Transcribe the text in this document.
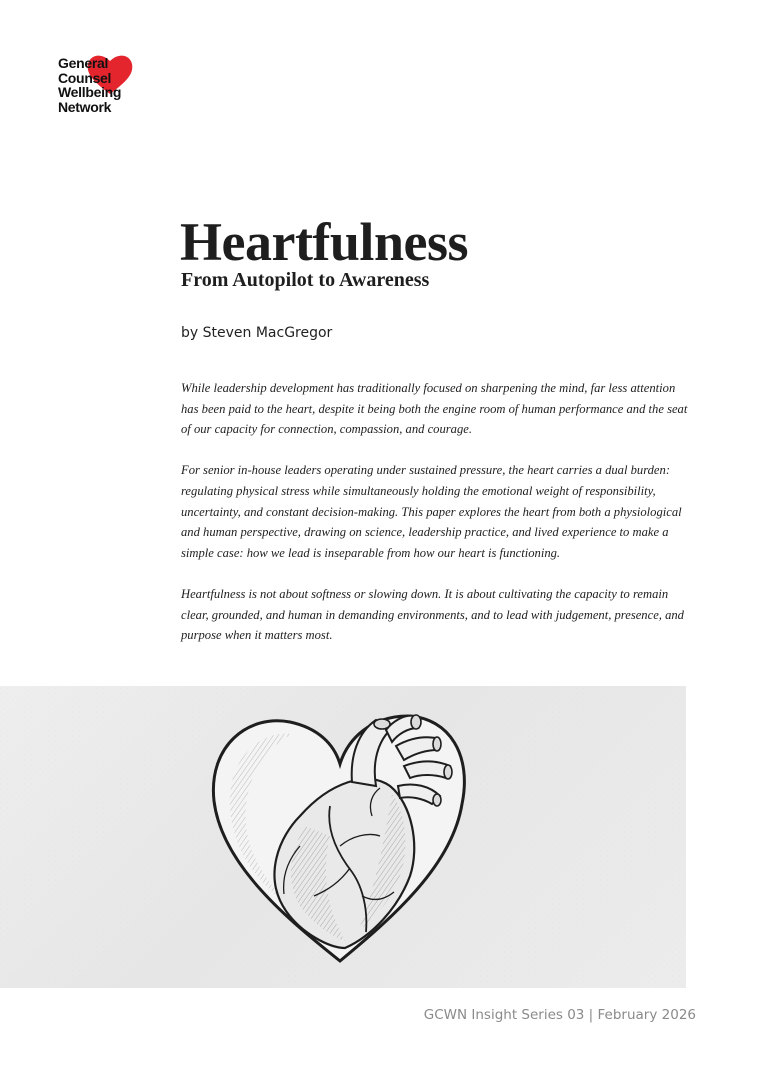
General
Counsel
Wellbeing
Network
Heartfulness
From Autopilot to Awareness

by Steven MacGregor

While leadership development has traditionally focused on sharpening the mind, far less attention has been paid to the heart, despite it being both the engine room of human performance and the seat of our capacity for connection, compassion, and courage.

For senior in-house leaders operating under sustained pressure, the heart carries a dual burden: regulating physical stress while simultaneously holding the emotional weight of responsibility, uncertainty, and constant decision-making. This paper explores the heart from both a physiological and human perspective, drawing on science, leadership practice, and lived experience to make a simple case: how we lead is inseparable from how our heart is functioning.

Heartfulness is not about softness or slowing down. It is about cultivating the capacity to remain clear, grounded, and human in demanding environments, and to lead with judgement, presence, and purpose when it matters most.

GCWN Insight Series 03 | February 2026
